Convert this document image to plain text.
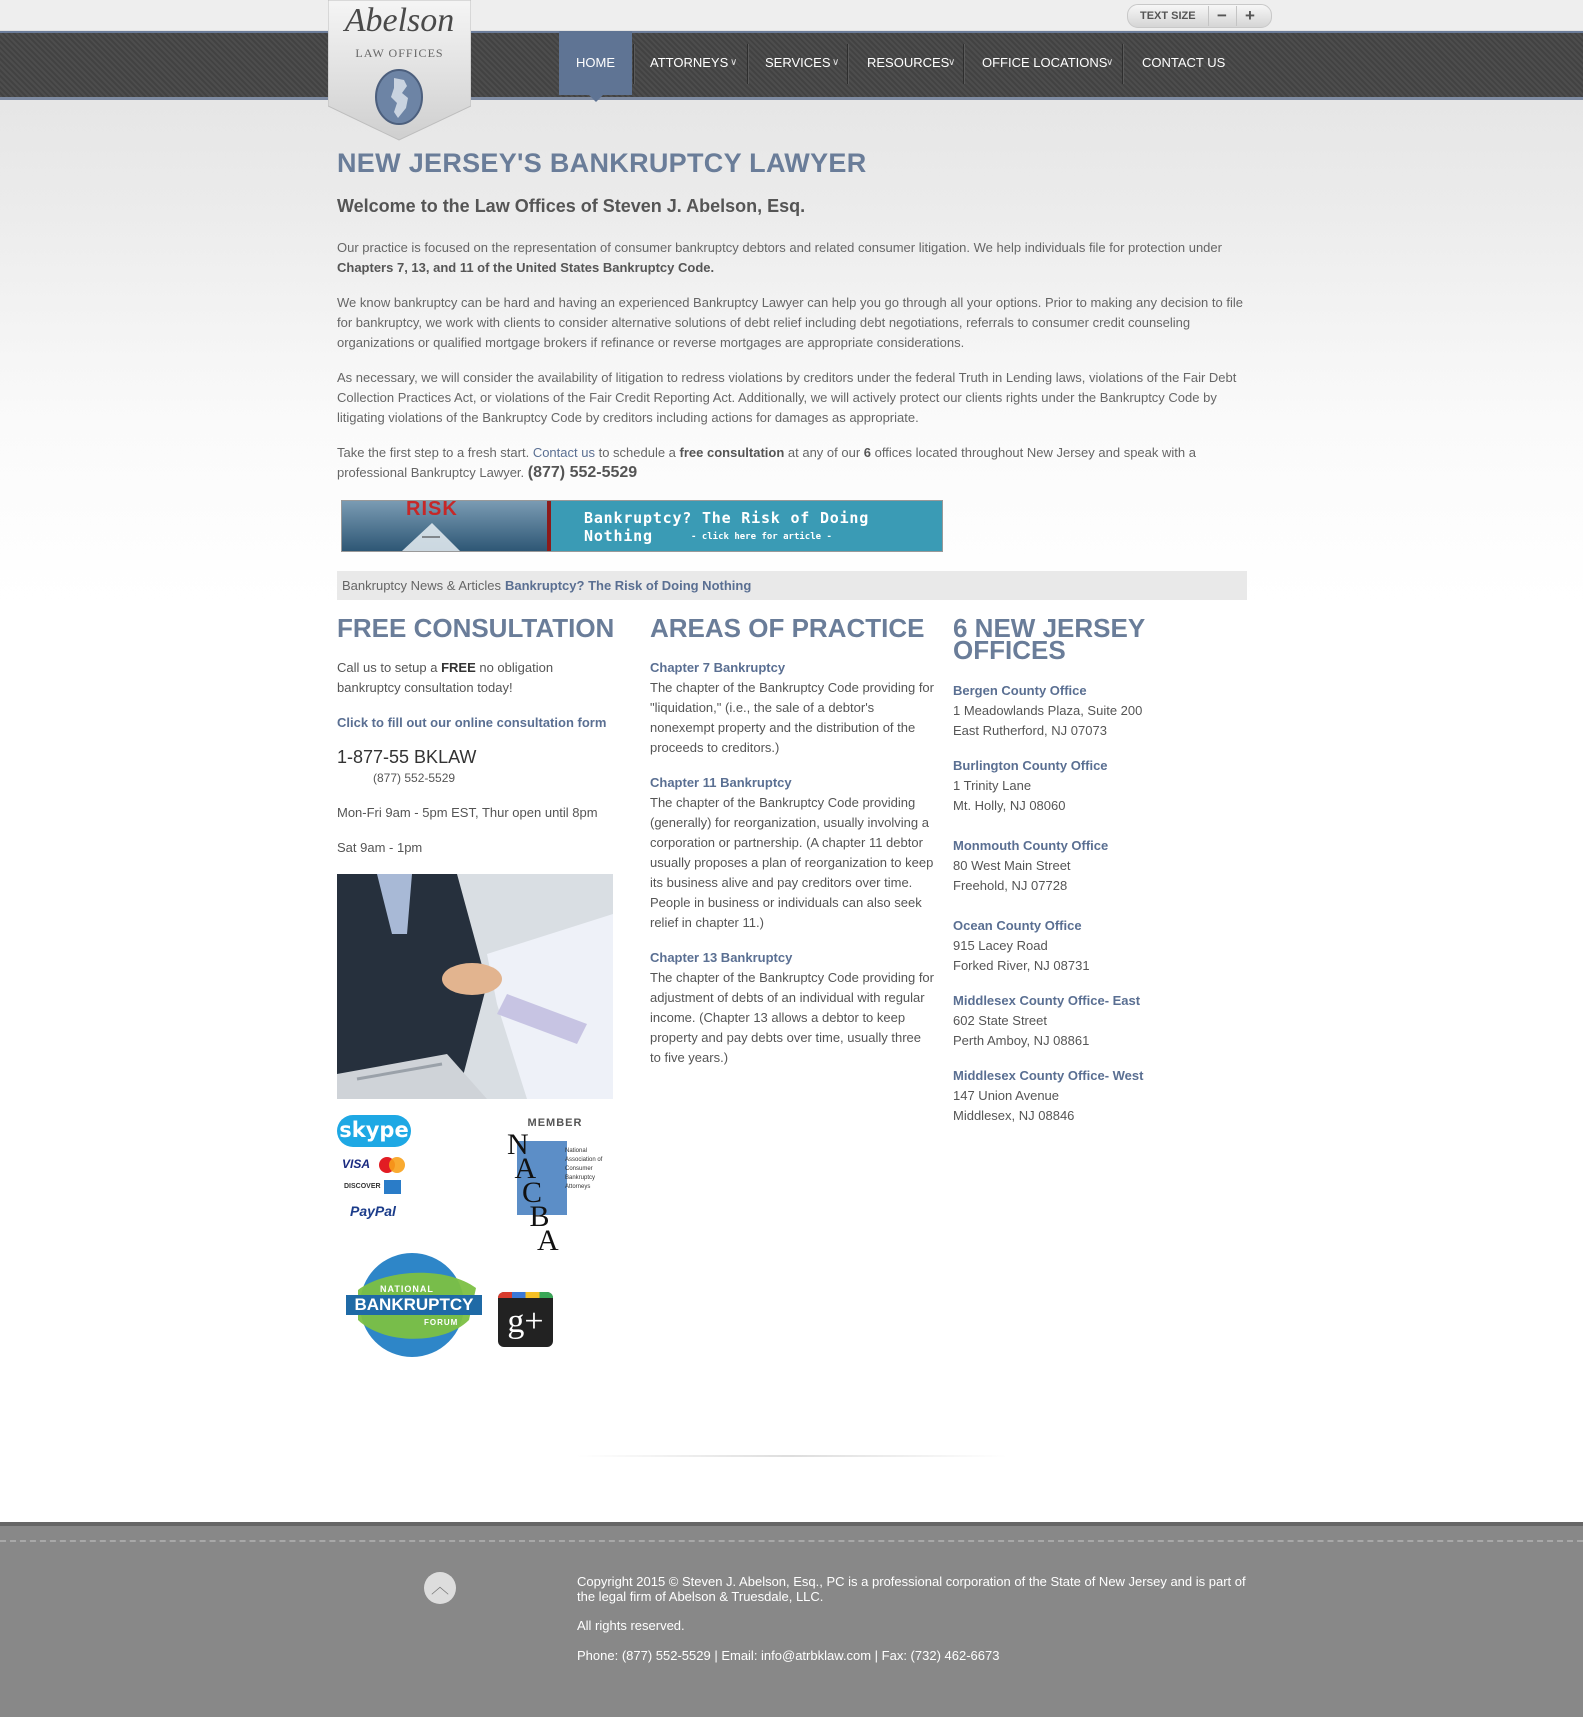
TEXT SIZE	−	+
HOME	ATTORNEYS ∨ SERVICES ∨ RESOURCES
∨ OFFICE LOCATIONS
∨ CONTACT US
Abelson
LAW OFFICES
NEW JERSEY'S BANKRUPTCY LAWYER
Welcome to the Law Offices of Steven J. Abelson, Esq.

Our practice is focused on the representation of consumer bankruptcy debtors and related consumer litigation. We help individuals file for protection under Chapters 7, 13, and 11 of the United States Bankruptcy Code.

We know bankruptcy can be hard and having an experienced Bankruptcy Lawyer can help you go through all your options. Prior to making any decision to file for bankruptcy, we work with clients to consider alternative solutions of debt relief including debt negotiations, referrals to consumer credit counseling organizations or qualified mortgage brokers if refinance or reverse mortgages are appropriate considerations.

As necessary, we will consider the availability of litigation to redress violations by creditors under the federal Truth in Lending laws, violations of the Fair Debt Collection Practices Act, or violations of the Fair Credit Reporting Act. Additionally, we will actively protect our clients rights under the Bankruptcy Code by litigating violations of the Bankruptcy Code by creditors including actions for damages as appropriate.

Take the first step to a fresh start. Contact us to schedule a free consultation at any of our 6 offices located throughout New Jersey and speak with a professional Bankruptcy Lawyer. (877) 552-5529

RISK	Bankruptcy? The Risk of Doing Nothing	- click here for article -
Bankruptcy News & Articles Bankruptcy? The Risk of Doing Nothing
FREE CONSULTATION
Call us to setup a FREE no obligation bankruptcy consultation today!
Click to fill out our online consultation form
1-877-55 BKLAW
(877) 552-5529
Mon-Fri 9am - 5pm EST, Thur open until 8pm
Sat 9am - 1pm
skype
VISA
DISCOVER
PayPal
MEMBER
N
A
C
B
A
National Association of Consumer Bankruptcy Attorneys
NATIONAL
BANKRUPTCY
FORUM g+
AREAS OF PRACTICE
Chapter 7 Bankruptcy
The chapter of the Bankruptcy Code providing for "liquidation," (i.e., the sale of a debtor's nonexempt property and the distribution of the proceeds to creditors.)
Chapter 11 Bankruptcy
The chapter of the Bankruptcy Code providing (generally) for reorganization, usually involving a corporation or partnership. (A chapter 11 debtor usually proposes a plan of reorganization to keep its business alive and pay creditors over time. People in business or individuals can also seek relief in chapter 11.)
Chapter 13 Bankruptcy
The chapter of the Bankruptcy Code providing for adjustment of debts of an individual with regular income. (Chapter 13 allows a debtor to keep property and pay debts over time, usually three to five years.)
6 NEW JERSEY
OFFICES
Bergen County Office
1 Meadowlands Plaza, Suite 200
East Rutherford, NJ 07073
Burlington County Office
1 Trinity Lane
Mt. Holly, NJ 08060
Monmouth County Office
80 West Main Street
Freehold, NJ 07728
Ocean County Office
915 Lacey Road
Forked River, NJ 08731
Middlesex County Office- East
602 State Street
Perth Amboy, NJ 08861
Middlesex County Office- West
147 Union Avenue
Middlesex, NJ 08846
︿	Copyright 2015 © Steven J. Abelson, Esq., PC is a professional corporation of the State of New Jersey and is part of the legal firm of Abelson & Truesdale, LLC.
All rights reserved.
Phone: (877) 552-5529 | Email: info@atrbklaw.com | Fax: (732) 462-6673
